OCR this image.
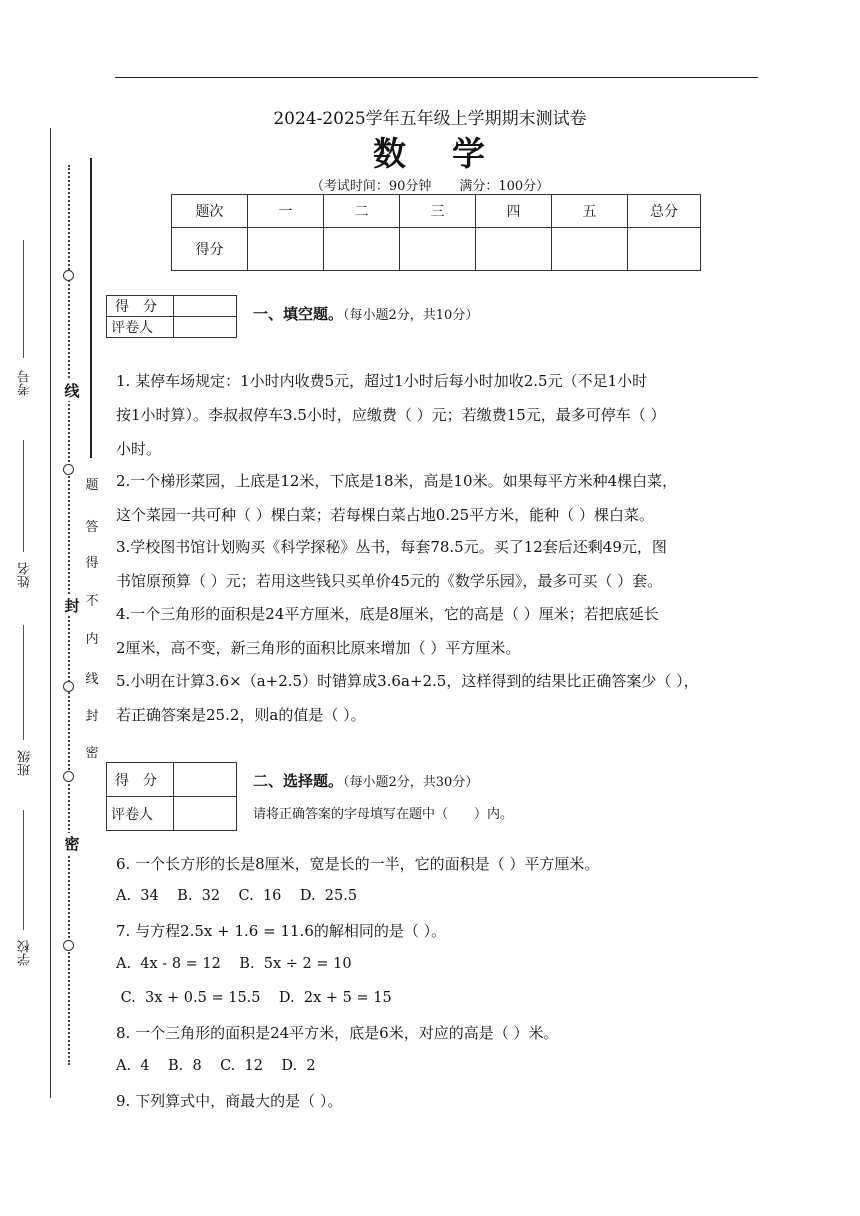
考号
姓名
班级
学校
线
封
密
题
答
得
不
内
线
封
密
2024-2025学年五年级上学期期末测试卷
数 学
（考试时间：90分钟 满分：100分）
题次	一	二	三	四	五	总分
得分						
得　分	
评卷人	
一、填空题。（每小题2分，共10分）
1. 某停车场规定：1小时内收费5元，超过1小时后每小时加收2.5元（不足1小时
按1小时算）。李叔叔停车3.5小时，应缴费（ ）元；若缴费15元，最多可停车（ ）
小时。
2.一个梯形菜园，上底是12米，下底是18米，高是10米。如果每平方米种4棵白菜，
这个菜园一共可种（ ）棵白菜；若每棵白菜占地0.25平方米，能种（ ）棵白菜。
3.学校图书馆计划购买《科学探秘》丛书，每套78.5元。买了12套后还剩49元，图
书馆原预算（ ）元；若用这些钱只买单价45元的《数学乐园》，最多可买（ ）套。
4.一个三角形的面积是24平方厘米，底是8厘米，它的高是（ ）厘米；若把底延长
2厘米，高不变，新三角形的面积比原来增加（ ）平方厘米。
5.小明在计算3.6×（a+2.5）时错算成3.6a+2.5，这样得到的结果比正确答案少（ ），
若正确答案是25.2，则a的值是（ ）。
得　分	
评卷人	
二、选择题。（每小题2分，共30分）
请将正确答案的字母填写在题中（　　）内。
6. 一个长方形的长是8厘米，宽是长的一半，它的面积是（ ）平方厘米。
A.  34    B.  32    C.  16    D.  25.5
7. 与方程2.5x + 1.6 = 11.6的解相同的是（ ）。
A.  4x - 8 = 12    B.  5x ÷ 2 = 10
C.  3x + 0.5 = 15.5    D.  2x + 5 = 15
8. 一个三角形的面积是24平方米，底是6米，对应的高是（ ）米。
A.  4    B.  8    C.  12    D.  2
9. 下列算式中，商最大的是（ ）。
